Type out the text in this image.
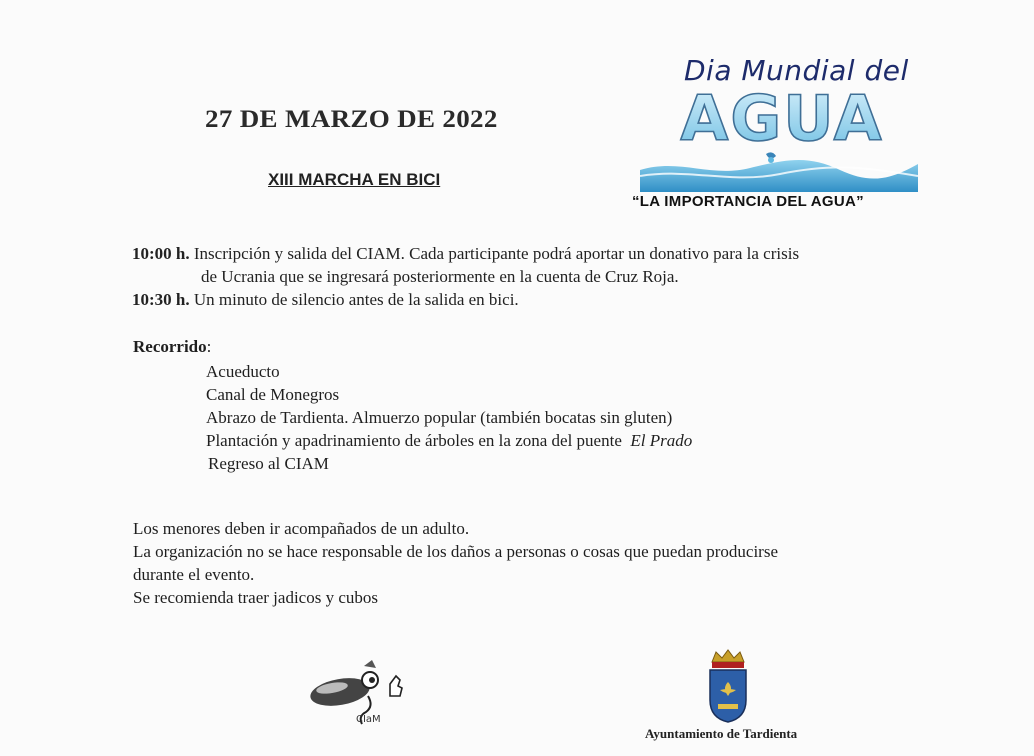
27 DE MARZO DE 2022
XIII MARCHA EN BICI
Dia Mundial del
AGUA
“LA IMPORTANCIA DEL AGUA”
10:00 h. Inscripción y salida del CIAM. Cada participante podrá aportar un donativo para la crisis
de Ucrania que se ingresará posteriormente en la cuenta de Cruz Roja.
10:30 h. Un minuto de silencio antes de la salida en bici.
Recorrido:
Acueducto
Canal de Monegros
Abrazo de Tardienta. Almuerzo popular (también bocatas sin gluten)
Plantación y apadrinamiento de árboles en la zona del puente El Prado
Regreso al CIAM
Los menores deben ir acompañados de un adulto.
La organización no se hace responsable de los daños a personas o cosas que puedan producirse
durante el evento.
Se recomienda traer jadicos y cubos
CIaM
Ayuntamiento de Tardienta
